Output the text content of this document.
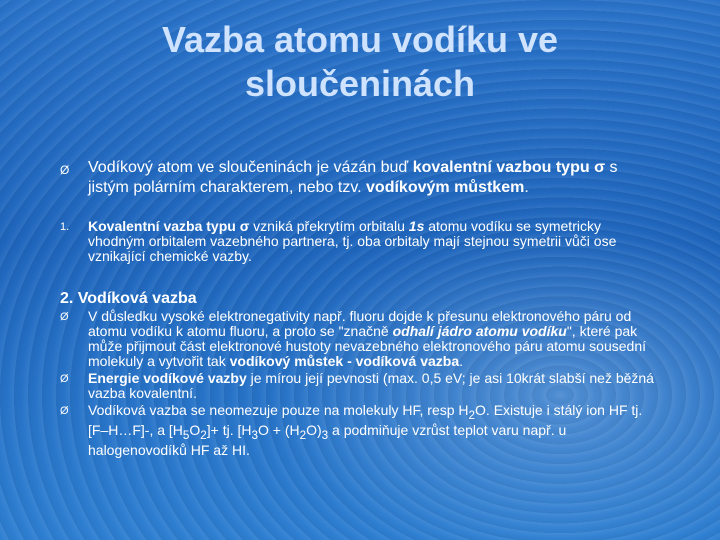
Vazba atomu vodíku ve
sloučeninách
Ø Vodíkový atom ve sloučeninách je vázán buď kovalentní vazbou typu σ s jistým polárním charakterem, nebo tzv. vodíkovým můstkem.
1. Kovalentní vazba typu σ vzniká překrytím orbitalu 1s atomu vodíku se symetricky vhodným orbitalem vazebného partnera, tj. oba orbitaly mají stejnou symetrii vůči ose vznikající chemické vazby.
2. Vodíková vazba
Ø V důsledku vysoké elektronegativity např. fluoru dojde k přesunu elektronového páru od atomu vodíku k atomu fluoru, a proto se "značně odhalí jádro atomu vodíku", které pak může přijmout část elektronové hustoty nevazebného elektronového páru atomu sousední molekuly a vytvořit tak vodíkový můstek - vodíková vazba.
Ø Energie vodíkové vazby je mírou její pevnosti (max. 0,5 eV; je asi 10krát slabší než běžná vazba kovalentní.
Ø Vodíková vazba se neomezuje pouze na molekuly HF, resp $H_2O$. Existuje i stálý ion HF tj. [F–H…F]-, a $[H_5O_2]+$ tj. [$H_3O + (H_2O)_3$ a podmiňuje vzrůst teplot varu např. u halogenovodíků HF až HI.
